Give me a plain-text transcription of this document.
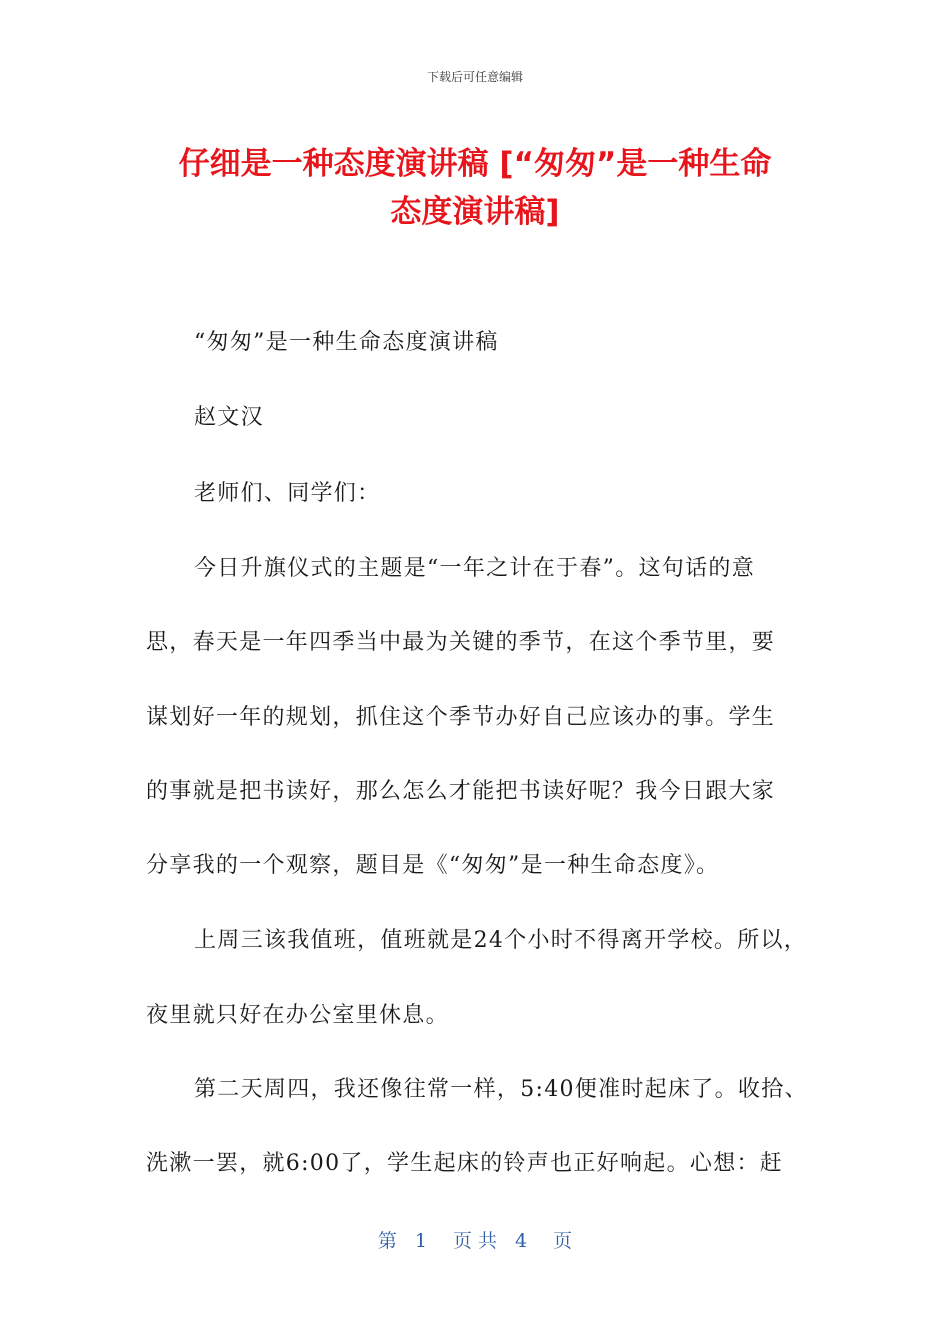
下载后可任意编辑
仔细是一种态度演讲稿 [“匆匆”是一种生命
态度演讲稿]
“匆匆”是一种生命态度演讲稿
赵文汉
老师们、同学们：
今日升旗仪式的主题是“一年之计在于春”。这句话的意
思，春天是一年四季当中最为关键的季节，在这个季节里，要
谋划好一年的规划，抓住这个季节办好自己应该办的事。学生
的事就是把书读好，那么怎么才能把书读好呢？我今日跟大家
分享我的一个观察，题目是《“匆匆”是一种生命态度》。
上周三该我值班，值班就是24个小时不得离开学校。所以，
夜里就只好在办公室里休息。
第二天周四，我还像往常一样，5:40便准时起床了。收拾、
洗漱一罢，就6:00了，学生起床的铃声也正好响起。心想：赶
第 1 页 共 4 页
